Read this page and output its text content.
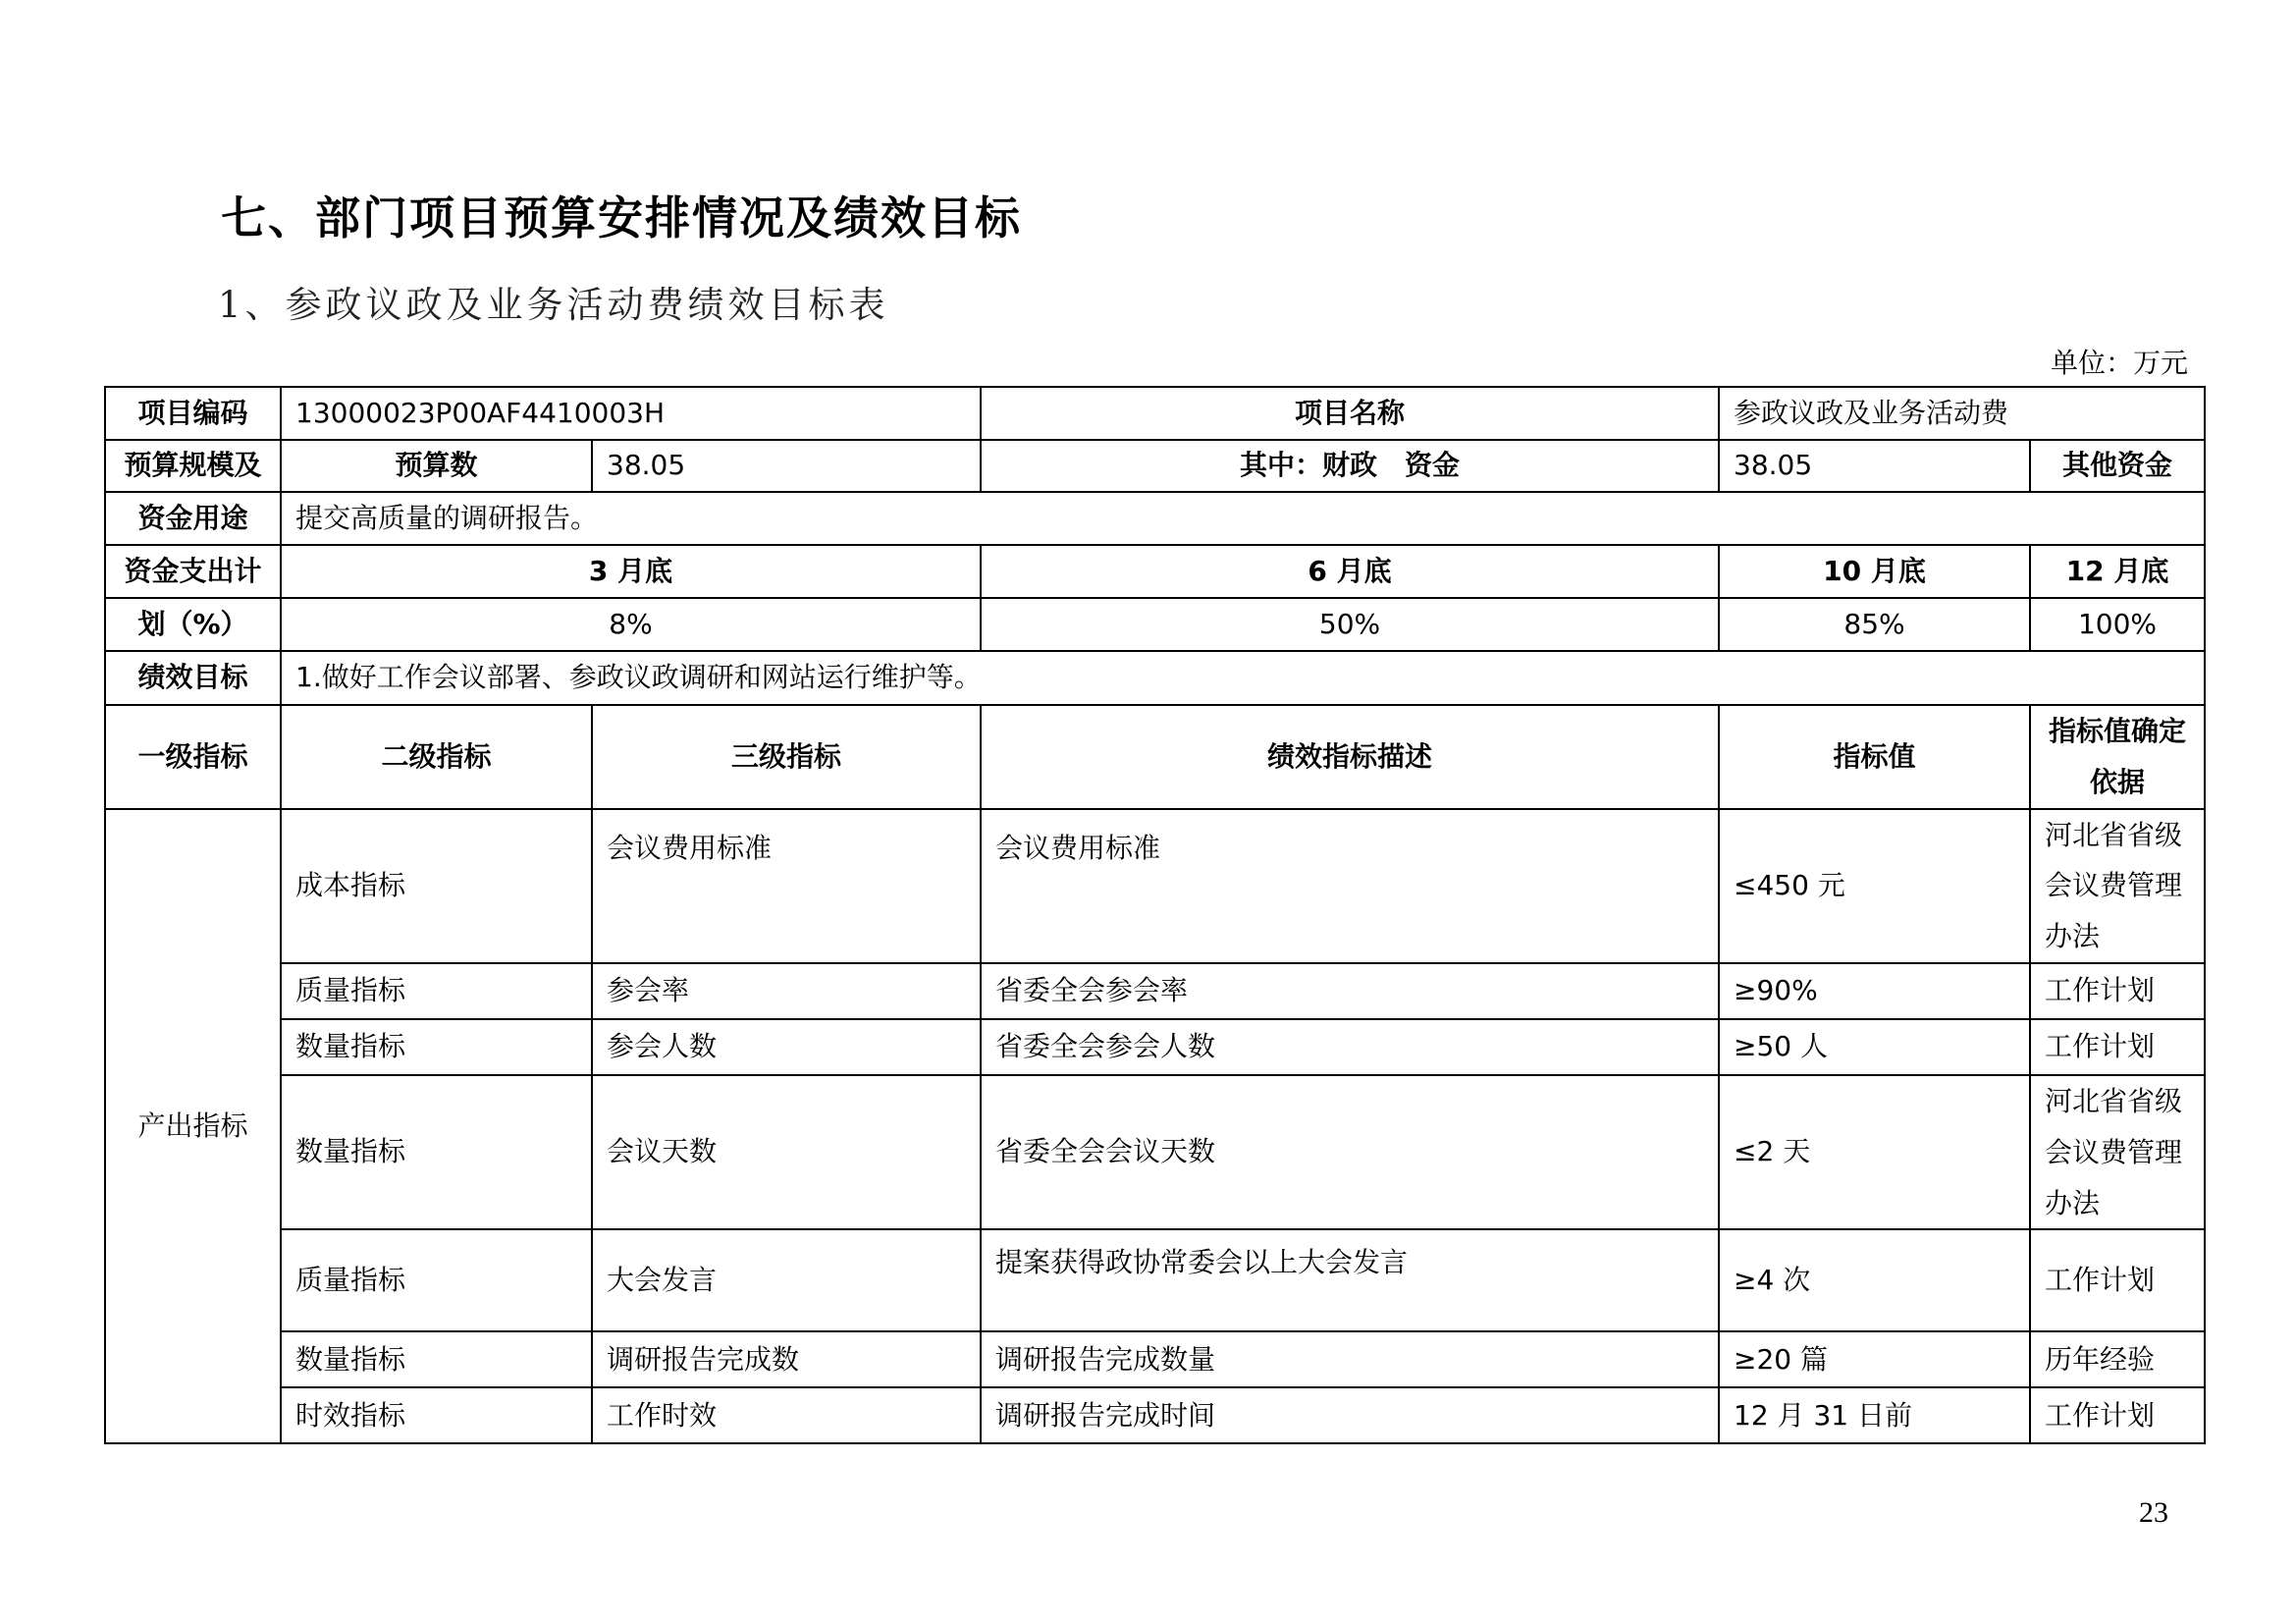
七、部门项目预算安排情况及绩效目标
1、参政议政及业务活动费绩效目标表
单位：万元
项目编码	13000023P00AF4410003H		项目名称	参政议政及业务活动费	
预算规模及	预算数	38.05	其中：财政　资金	38.05	其他资金
资金用途	提交高质量的调研报告。				
资金支出计	3 月底		6 月底	10 月底	12 月底
划（%）	8%		50%	85%	100%
绩效目标	1.做好工作会议部署、参政议政调研和网站运行维护等。				
一级指标	二级指标	三级指标	绩效指标描述	指标值	指标值确定依据
产出指标	成本指标	会议费用标准	会议费用标准	≤450 元	河北省省级会议费管理办法
	质量指标	参会率	省委全会参会率	≥90%	工作计划
	数量指标	参会人数	省委全会参会人数	≥50 人	工作计划
	数量指标	会议天数	省委全会会议天数	≤2 天	河北省省级会议费管理办法
	质量指标	大会发言	提案获得政协常委会以上大会发言	≥4 次	工作计划
	数量指标	调研报告完成数	调研报告完成数量	≥20 篇	历年经验
	时效指标	工作时效	调研报告完成时间	12 月 31 日前	工作计划
23
